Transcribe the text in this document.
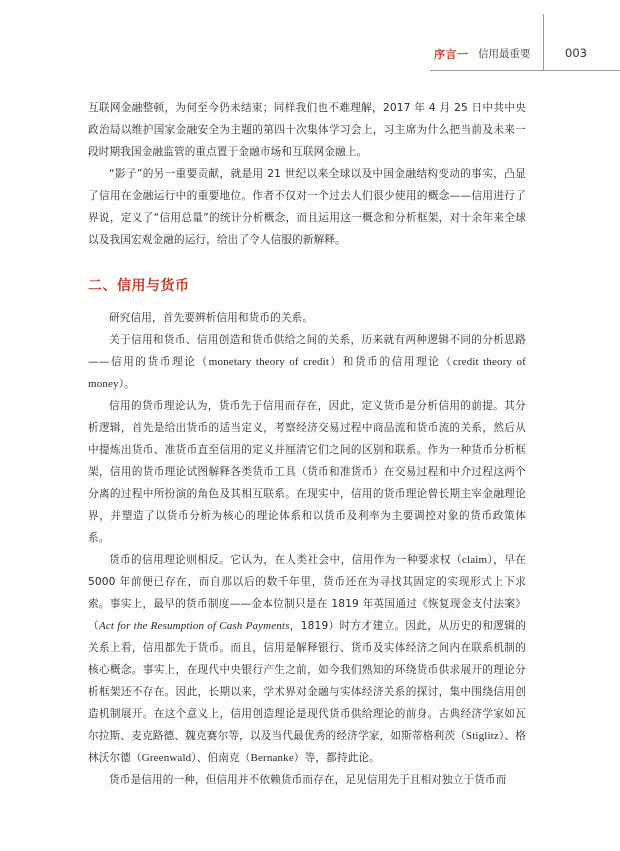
序言一 信用最重要	003

互联网金融整顿，为何至今仍未结束；同样我们也不难理解，2017 年 4 月 25 日中共中央政治局以维护国家金融安全为主题的第四十次集体学习会上，习主席为什么把当前及未来一段时期我国金融监管的重点置于金融市场和互联网金融上。

“影子”的另一重要贡献，就是用 21 世纪以来全球以及中国金融结构变动的事实，凸显了信用在金融运行中的重要地位。作者不仅对一个过去人们很少使用的概念——信用进行了界说，定义了“信用总量”的统计分析概念，而且运用这一概念和分析框架，对十余年来全球以及我国宏观金融的运行，给出了令人信服的新解释。

二、信用与货币

研究信用，首先要辨析信用和货币的关系。

关于信用和货币、信用创造和货币供给之间的关系，历来就有两种逻辑不同的分析思路——信用的货币理论（monetary theory of credit）和货币的信用理论（credit theory of money）。

信用的货币理论认为，货币先于信用而存在，因此，定义货币是分析信用的前提。其分析逻辑，首先是给出货币的适当定义，考察经济交易过程中商品流和货币流的关系，然后从中提炼出货币、准货币直至信用的定义并厘清它们之间的区别和联系。作为一种货币分析框架，信用的货币理论试图解释各类货币工具（货币和准货币）在交易过程和中介过程这两个分离的过程中所扮演的角色及其相互联系。在现实中，信用的货币理论曾长期主宰金融理论界，并塑造了以货币分析为核心的理论体系和以货币及利率为主要调控对象的货币政策体系。

货币的信用理论则相反。它认为，在人类社会中，信用作为一种要求权（claim），早在 5000 年前便已存在，而自那以后的数千年里，货币还在为寻找其固定的实现形式上下求索。事实上，最早的货币制度——金本位制只是在 1819 年英国通过《恢复现金支付法案》（Act for the Resumption of Cash Payments，1819）时方才建立。因此，从历史的和逻辑的关系上看，信用都先于货币。而且，信用是解释银行、货币及实体经济之间内在联系机制的核心概念。事实上，在现代中央银行产生之前，如今我们熟知的环绕货币供求展开的理论分析框架还不存在。因此，长期以来，学术界对金融与实体经济关系的探讨，集中围绕信用创造机制展开。在这个意义上，信用创造理论是现代货币供给理论的前身。古典经济学家如瓦尔拉斯、麦克路德、魏克赛尔等，以及当代最优秀的经济学家，如斯蒂格利茨（Stiglitz）、格林沃尔德（Greenwald）、伯南克（Bernanke）等，都持此论。

货币是信用的一种，但信用并不依赖货币而存在，足见信用先于且相对独立于货币而
